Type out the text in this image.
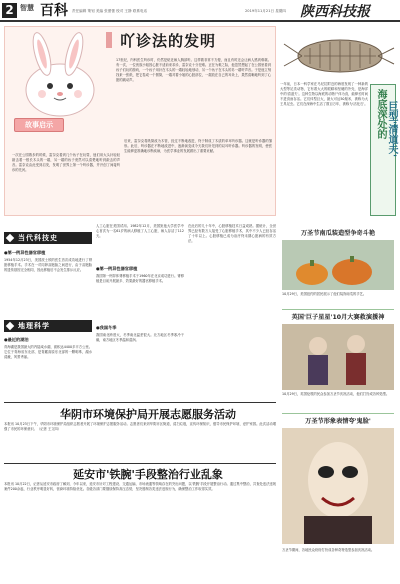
2 智慧 百科 责任编辑 策划 美编 张蕾蕾 校对 王静 联系电话	2019年11月21日 星期四 陕西科技报
故事启示
吖诊法的发明
17世纪，内科医生听诊时，仍然是贴近病人胸部听。这样做非常不方便，而且有时还会让病人感到难堪。有一次，一位贵族小姐因心脏不适前来求诊，雷奈克十分犯难。正在为难之际，他忽然想起了在公园里看到孩子们玩的游戏，一个孩子用针在木头的一端轻轻地划动，另一个孩子在木头的另一端听声音。于是他立刻找来一张纸，把它卷成一个圆筒，一端对着小姐的心脏部位，一端放在自己的耳朵上，果然清晰地听到了心脏的跳动声。
一次在公园散步的时候，雷奈克看到几个孩子在玩耍，他们用大头针轻轻敲击着一根长木头的一端，另一端的孩子竟然可以清楚地听到敲击的声音。雷奈克由此受到启发，发明了世界上第一个听诊器，并开创了间接听诊的先河。
后来，雷奈克将纸筒改为木管，经过不断地改进，终于制成了木质的单耳听诊器。这就是听诊器的雏形。此后，听诊器在不断地改进中，逐渐演变成今天我们所见到的双耳听诊器。听诊器的发明，使医生能够更准确地诊断疾病，为医学事业的发展做出了重要贡献。
一年前，日本一科学家在马尼拉附近的海底发现了一种新的大型等足类动物，它有着大大的眼睛和坚硬的外壳，是海洋中的'清道夫'。这种生物以海底的动物尸体为食，能够长时间不进食而存活。它们体型巨大，最大可达50厘米，被称为大王具足虫。它们在深海中生活了数百万年，被称为'活化石'。 海底深处的 巨型'清道夫'
当代科技史
●第一例异性器官移植
1954年12月23日，美国波士顿的医生首次成功地进行了肾脏移植手术。手术在一对同卵双胞胎之间进行，由于双胞胎的遗传基因完全相同，因此移植后不会发生排斥反应。
地理科学
●最近的湖泊
青海湖是我国最大的内陆咸水湖，面积达4400多平方公里。它位于青海省东北部，是青藏高原东北部的一颗明珠，湖水清澈，风景秀丽。
人工心脏在美国试用。1982年12月，美国犹他大学医学中心首次为一名61岁的病人移植了人工心脏，病人存活了112天。
●第一例异性器官移植
我国第一例异体肾移植手术于1960年在北京成功进行。肾移植是目前开展最多、效果最好的器官移植手术。
●我国冬季
我国南北跨度大，冬季南北温差很大。北方地区冬季寒冷干燥，南方地区冬季温和湿润。
在此后的几十年中，心脏移植技术日益成熟。据统计，全世界已经有数万人接受了心脏移植手术，其中不少人已经存活了十年以上。心脏移植已成为治疗终末期心脏病的有效方法。
万圣节南瓜装造型争奇斗艳
10月29日，美国纽约的居民展示了他们装饰南瓜的手艺。
英国'巨子星星'10月大赛救演援神
10月29日，英国伦敦的民众参加万圣节庆祝活动，他们打扮成各种造型。
万圣节形象表情夸'鬼脸'
万圣节期间，各地民众纷纷打扮成各种奇特造型参加庆祝活动。
华阴市环境保护局开展志愿服务活动
本报讯 10月23日下午，华阴市环境保护局组织志愿者开展了环境保护志愿服务活动。志愿者们来到华阴市区街道，清扫垃圾，宣传环保知识，倡导市民保护环境、爱护家园。此次活动增强了市民的环保意识。（记者 王文四）
延安市'铁腕'手段整治行业乱象
本报讯 10月22日，记者从延安市政府了解到，今年以来，延安市针对工程建设、交通运输、市场流通等领域存在的突出问题，以'铁腕'手段开展整治行动。通过集中整治，共查处违法违规案件200余起，行业秩序明显好转，营商环境持续优化。各级各部门要继续保持高压态势，坚决遏制各类违法违规行为，确保整治工作取得实效。
